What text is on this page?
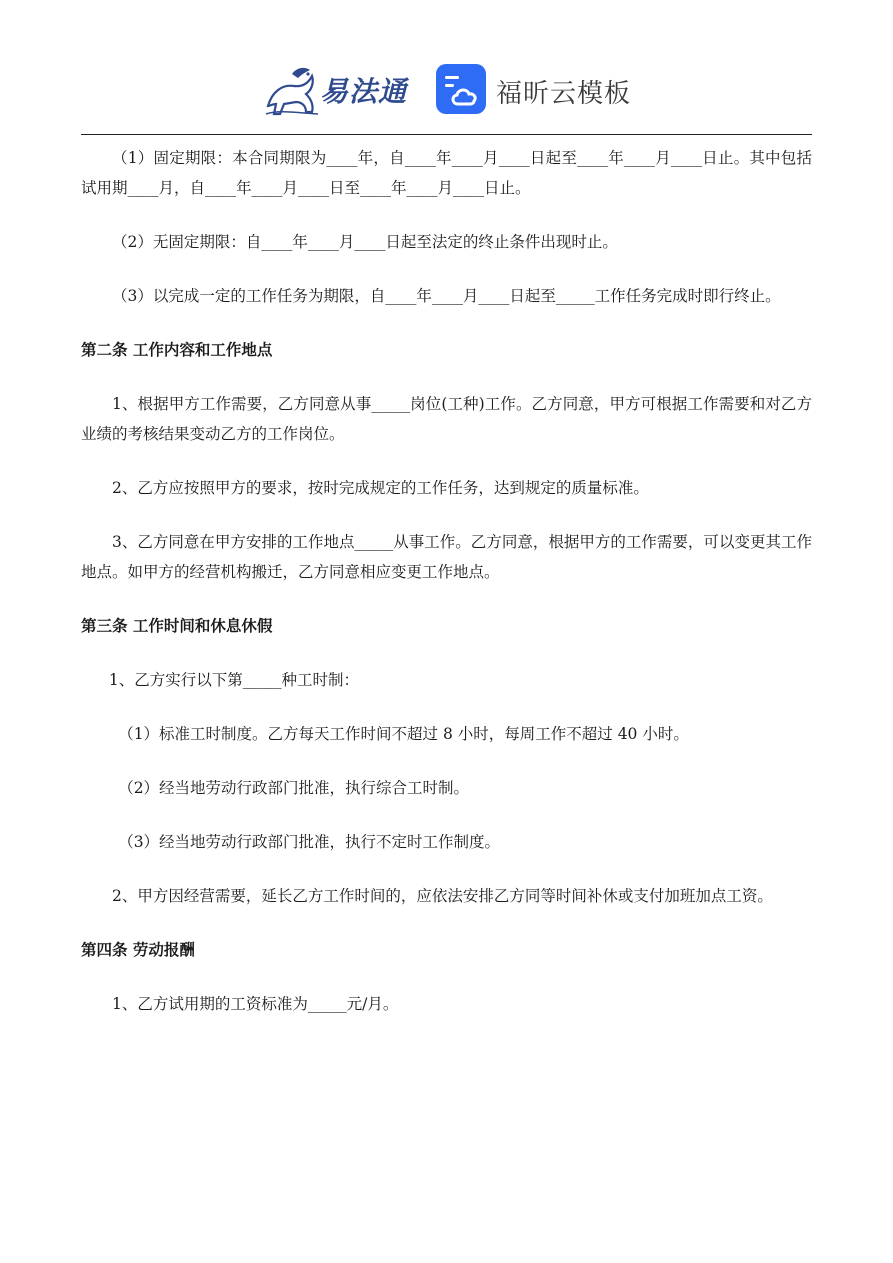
易法通	福昕云模板

（1）固定期限：本合同期限为____年，自____年____月____日起至____年____月____日止。其中包括试用期____月，自____年____月____日至____年____月____日止。

（2）无固定期限：自____年____月____日起至法定的终止条件出现时止。

（3）以完成一定的工作任务为期限，自____年____月____日起至_____工作任务完成时即行终止。

第二条 工作内容和工作地点

1、根据甲方工作需要，乙方同意从事_____岗位(工种)工作。乙方同意，甲方可根据工作需要和对乙方业绩的考核结果变动乙方的工作岗位。

2、乙方应按照甲方的要求，按时完成规定的工作任务，达到规定的质量标准。

3、乙方同意在甲方安排的工作地点_____从事工作。乙方同意，根据甲方的工作需要，可以变更其工作地点。如甲方的经营机构搬迁，乙方同意相应变更工作地点。

第三条 工作时间和休息休假

1、乙方实行以下第_____种工时制：

（1）标准工时制度。乙方每天工作时间不超过 8 小时，每周工作不超过 40 小时。

（2）经当地劳动行政部门批准，执行综合工时制。

（3）经当地劳动行政部门批准，执行不定时工作制度。

2、甲方因经营需要，延长乙方工作时间的，应依法安排乙方同等时间补休或支付加班加点工资。

第四条 劳动报酬

1、乙方试用期的工资标准为_____元/月。
